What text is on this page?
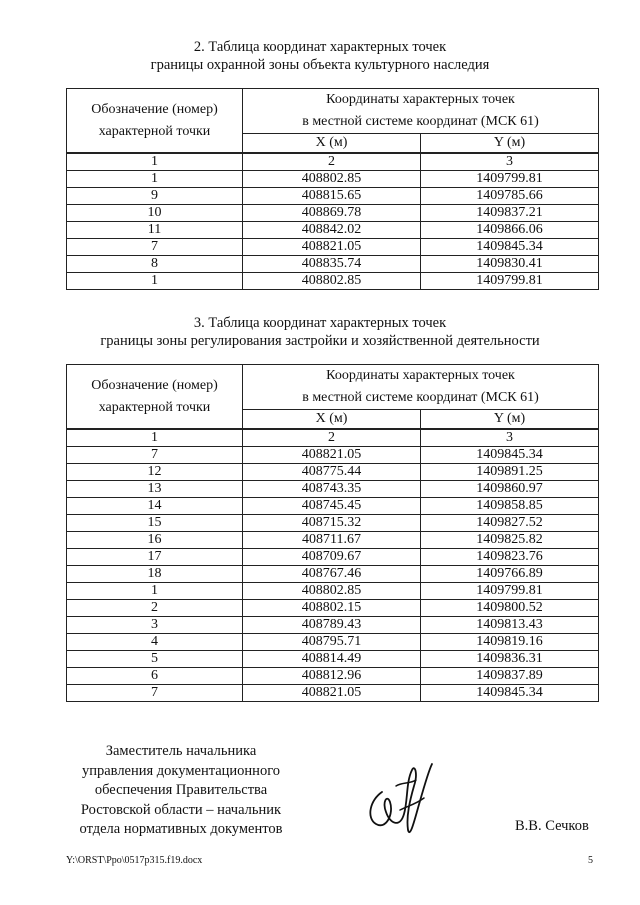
2. Таблица координат характерных точек
границы охранной зоны объекта культурного наследия
Обозначение (номер) характерной точки	Координаты характерных точек
в местной системе координат (МСК 61)	

	X (м)	Y (м)
1	2	3
1	408802.85	1409799.81
9	408815.65	1409785.66
10	408869.78	1409837.21
11	408842.02	1409866.06
7	408821.05	1409845.34
8	408835.74	1409830.41
1	408802.85	1409799.81
3. Таблица координат характерных точек
границы зоны регулирования застройки и хозяйственной деятельности
Обозначение (номер) характерной точки	Координаты характерных точек
в местной системе координат (МСК 61)	

	X (м)	Y (м)
1	2	3
7	408821.05	1409845.34
12	408775.44	1409891.25
13	408743.35	1409860.97
14	408745.45	1409858.85
15	408715.32	1409827.52
16	408711.67	1409825.82
17	408709.67	1409823.76
18	408767.46	1409766.89
1	408802.85	1409799.81
2	408802.15	1409800.52
3	408789.43	1409813.43
4	408795.71	1409819.16
5	408814.49	1409836.31
6	408812.96	1409837.89
7	408821.05	1409845.34
Заместитель начальника
управления документационного
обеспечения Правительства
Ростовской области – начальник
отдела нормативных документов	В.В. Сечков
Y:\ORST\Ppo\0517p315.f19.docx	5
